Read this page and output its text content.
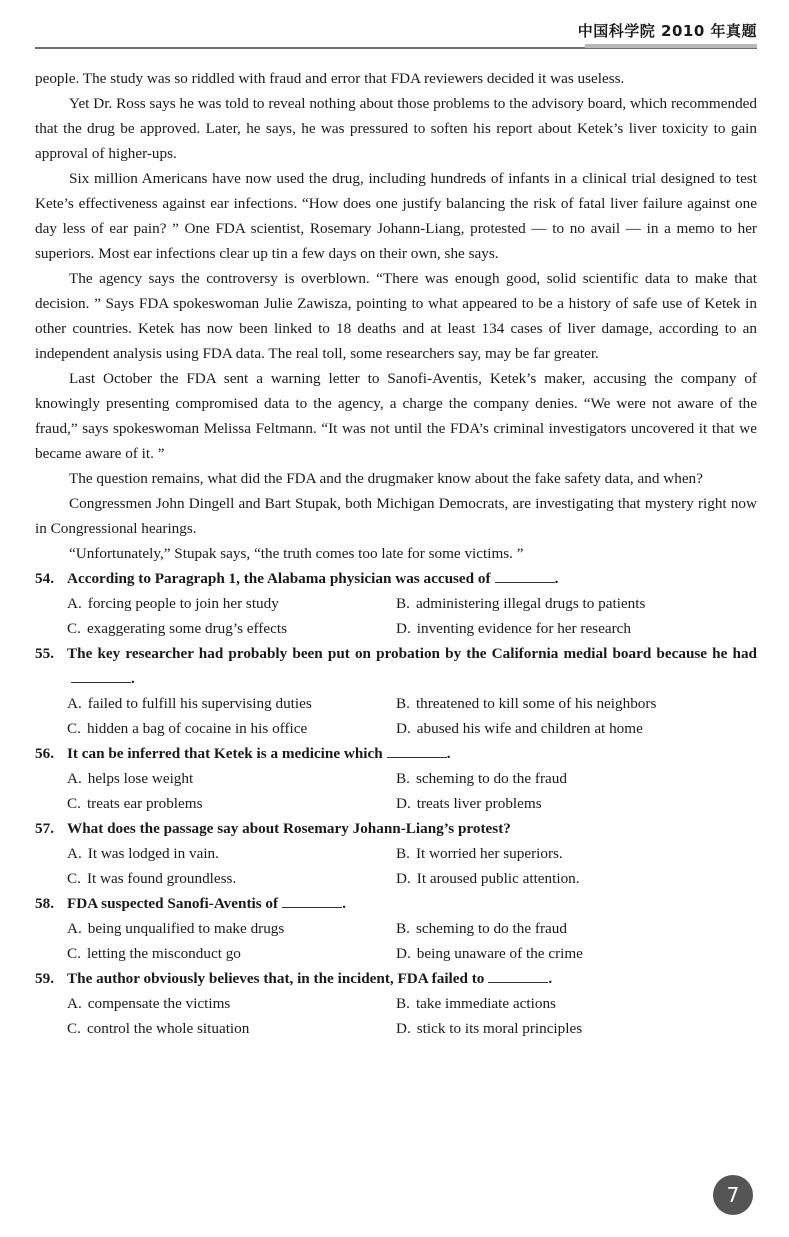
中国科学院 2010 年真题

people. The study was so riddled with fraud and error that FDA reviewers decided it was useless.

Yet Dr. Ross says he was told to reveal nothing about those problems to the advisory board, which recommended that the drug be approved. Later, he says, he was pressured to soften his report about Ketek’s liver toxicity to gain approval of higher-ups.

Six million Americans have now used the drug, including hundreds of infants in a clinical trial designed to test Kete’s effectiveness against ear infections. “How does one justify balancing the risk of fatal liver failure against one day less of ear pain? ” One FDA scientist, Rosemary Johann-Liang, protested — to no avail — in a memo to her superiors. Most ear infections clear up tin a few days on their own, she says.

The agency says the controversy is overblown. “There was enough good, solid scientific data to make that decision. ” Says FDA spokeswoman Julie Zawisza, pointing to what appeared to be a history of safe use of Ketek in other countries. Ketek has now been linked to 18 deaths and at least 134 cases of liver damage, according to an independent analysis using FDA data. The real toll, some researchers say, may be far greater.

Last October the FDA sent a warning letter to Sanofi-Aventis, Ketek’s maker, accusing the company of knowingly presenting compromised data to the agency, a charge the company denies. “We were not aware of the fraud,” says spokeswoman Melissa Feltmann. “It was not until the FDA’s criminal investigators uncovered it that we became aware of it. ”

The question remains, what did the FDA and the drugmaker know about the fake safety data, and when?

Congressmen John Dingell and Bart Stupak, both Michigan Democrats, are investigating that mystery right now in Congressional hearings.

“Unfortunately,” Stupak says, “the truth comes too late for some victims. ”

54. According to Paragraph 1, the Alabama physician was accused of	.
A. forcing people to join her study	B. administering illegal drugs to patients
C. exaggerating some drug’s effects	D. inventing evidence for her research
55. The key researcher had probably been put on probation by the California medial board because he had.
A. failed to fulfill his supervising duties	B. threatened to kill some of his neighbors
C. hidden a bag of cocaine in his office	D. abused his wife and children at home
56. It can be inferred that Ketek is a medicine which	.
A. helps lose weight	B. scheming to do the fraud
C. treats ear problems	D. treats liver problems
57. What does the passage say about Rosemary Johann-Liang’s protest?
A. It was lodged in vain.	B. It worried her superiors.
C. It was found groundless.	D. It aroused public attention.
58. FDA suspected Sanofi-Aventis of	.
A. being unqualified to make drugs	B. scheming to do the fraud
C. letting the misconduct go	D. being unaware of the crime
59. The author obviously believes that, in the incident, FDA failed to	.
A. compensate the victims	B. take immediate actions
C. control the whole situation	D. stick to its moral principles
7
